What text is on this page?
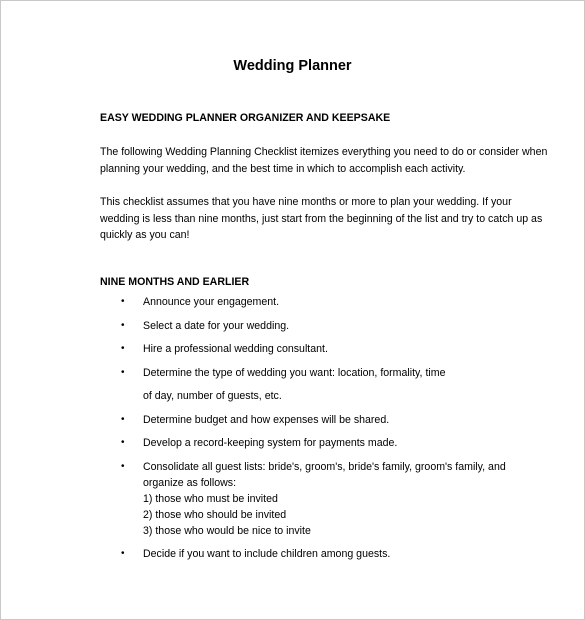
Wedding Planner
EASY WEDDING PLANNER ORGANIZER AND KEEPSAKE
The following Wedding Planning Checklist itemizes everything you need to do or consider when
planning your wedding, and the best time in which to accomplish each activity.
This checklist assumes that you have nine months or more to plan your wedding. If your
wedding is less than nine months, just start from the beginning of the list and try to catch up as
quickly as you can!
NINE MONTHS AND EARLIER
• Announce your engagement.
• Select a date for your wedding.
• Hire a professional wedding consultant.
• Determine the type of wedding you want: location, formality, time
of day, number of guests, etc.
• Determine budget and how expenses will be shared.
• Develop a record-keeping system for payments made.
• Consolidate all guest lists: bride's, groom's, bride's family, groom's family, and
organize as follows:
1) those who must be invited
2) those who should be invited
3) those who would be nice to invite
• Decide if you want to include children among guests.
